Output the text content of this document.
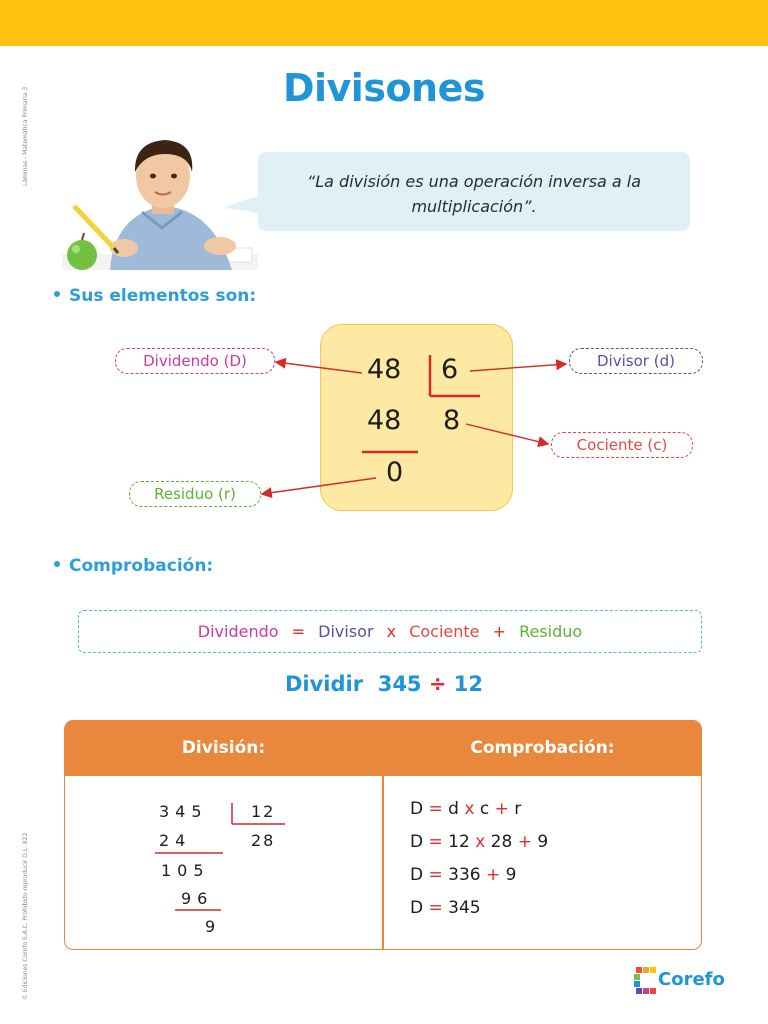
Láminas - Matemática Primaria 3
© Ediciones Corefo S.A.C. Prohibido reproducir D.L. 822
Divisones
“La división es una operación inversa a la multiplicación”.
Sus elementos son:
48 6
48 8
0
Dividendo (D)	Divisor (d)
Cociente (c)
Residuo (r)
Comprobación:
Dividendo = Divisor x Cociente + Residuo
Dividir 345 ÷ 12
División:	Comprobación:
345	12
24	28
105
96
9
D = d x c + r
D = 12 x 28 + 9
D = 336 + 9
D = 345
Corefo
